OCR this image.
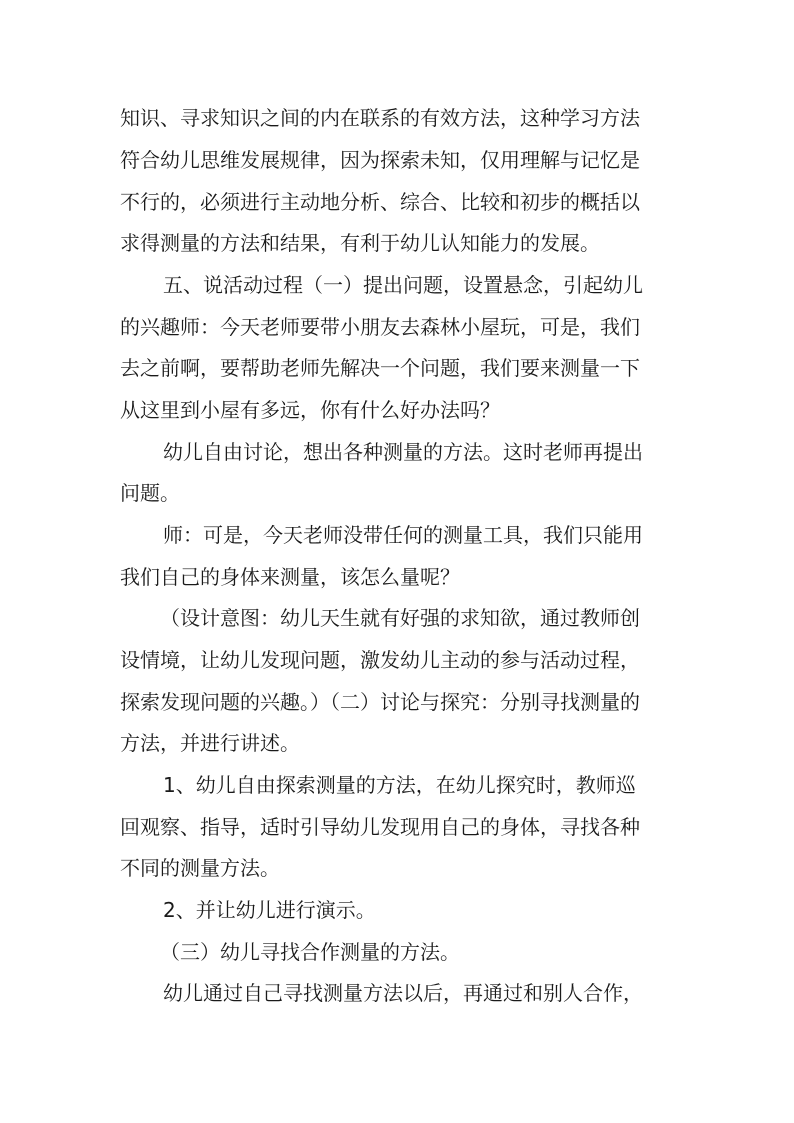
知识、寻求知识之间的内在联系的有效方法，这种学习方法
符合幼儿思维发展规律，因为探索未知，仅用理解与记忆是
不行的，必须进行主动地分析、综合、比较和初步的概括以
求得测量的方法和结果，有利于幼儿认知能力的发展。
五、说活动过程（一）提出问题，设置悬念，引起幼儿
的兴趣师：今天老师要带小朋友去森林小屋玩，可是，我们
去之前啊，要帮助老师先解决一个问题，我们要来测量一下
从这里到小屋有多远，你有什么好办法吗？
幼儿自由讨论，想出各种测量的方法。这时老师再提出
问题。
师：可是，今天老师没带任何的测量工具，我们只能用
我们自己的身体来测量，该怎么量呢？
（设计意图：幼儿天生就有好强的求知欲，通过教师创
设情境，让幼儿发现问题，激发幼儿主动的参与活动过程，
探索发现问题的兴趣。）（二）讨论与探究：分别寻找测量的
方法，并进行讲述。
1、幼儿自由探索测量的方法，在幼儿探究时，教师巡
回观察、指导，适时引导幼儿发现用自己的身体，寻找各种
不同的测量方法。
2、并让幼儿进行演示。
（三）幼儿寻找合作测量的方法。
幼儿通过自己寻找测量方法以后，再通过和别人合作，
